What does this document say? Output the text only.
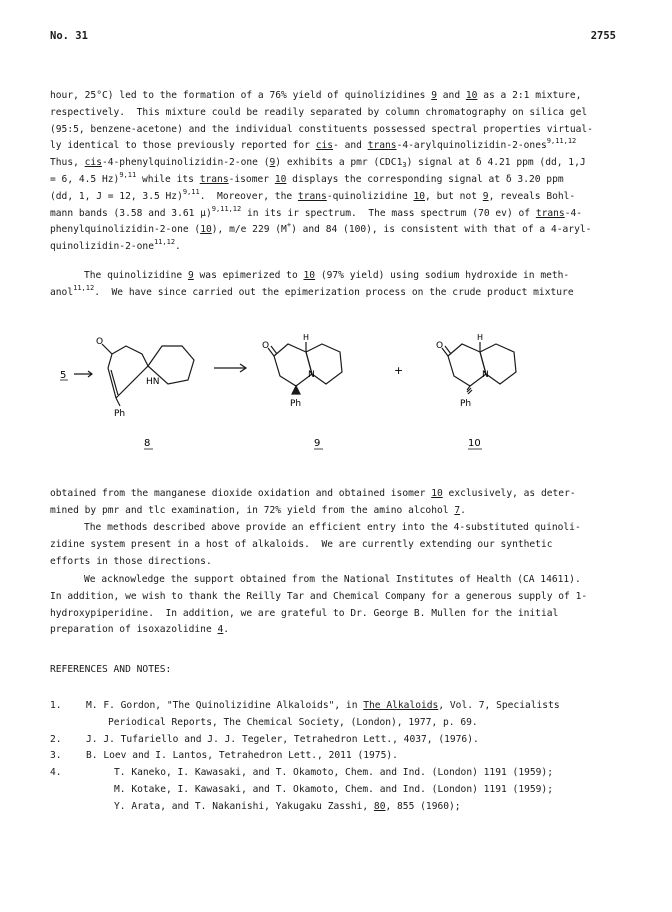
No. 31	2755
hour, 25°C) led to the formation of a 76% yield of quinolizidines 9 and 10 as a 2:1 mixture,
respectively.  This mixture could be readily separated by column chromatography on silica gel
(95:5, benzene-acetone) and the individual constituents possessed spectral properties virtual-
ly identical to those previously reported for cis- and trans-4-arylquinolizidin-2-ones$^{9,11,12}$
Thus, cis-4-phenylquinolizidin-2-one (9) exhibits a pmr $(CDC1_3)$ signal at δ 4.21 ppm (dd, 1,J
= 6, 4.5 Hz)$^{9,11}$ while its trans-isomer 10 displays the corresponding signal at δ 3.20 ppm
(dd, 1, J = 12, 3.5 Hz)$^{9,11}$.  Moreover, the trans-quinolizidine 10, but not 9, reveals Bohl-
mann bands (3.58 and 3.61 μ)$^{9,11,12}$ in its ir spectrum.  The mass spectrum (70 ev) of trans-4-
phenylquinolizidin-2-one (10), m/e 229 (M+) and 84 (100), is consistent with that of a 4-aryl-
quinolizidin-2-one$^{11,12}$.
The quinolizidine 9 was epimerized to 10 (97% yield) using sodium hydroxide in meth-
anol$^{11,12}$.  We have since carried out the epimerization process on the crude product mixture
5
O
HN
Ph
O
H
N
Ph
+
O
H
N
Ph
8	9	10
obtained from the manganese dioxide oxidation and obtained isomer 10 exclusively, as deter-
mined by pmr and tlc examination, in 72% yield from the amino alcohol 7.
The methods described above provide an efficient entry into the 4-substituted quinoli-
zidine system present in a host of alkaloids.  We are currently extending our synthetic
efforts in those directions.
We acknowledge the support obtained from the National Institutes of Health (CA 14611).
In addition, we wish to thank the Reilly Tar and Chemical Company for a generous supply of 1-
hydroxypiperidine.  In addition, we are grateful to Dr. George B. Mullen for the initial
preparation of isoxazolidine 4.
REFERENCES AND NOTES:
1.	M. F. Gordon, "The Quinolizidine Alkaloids", in The Alkaloids, Vol. 7, Specialists
Periodical Reports, The Chemical Society, (London), 1977, p. 69.
2.	J. J. Tufariello and J. J. Tegeler, Tetrahedron Lett., 4037, (1976).
3.	B. Loev and I. Lantos, Tetrahedron Lett., 2011 (1975).
4.	T. Kaneko, I. Kawasaki, and T. Okamoto, Chem. and Ind. (London) 1191 (1959);
M. Kotake, I. Kawasaki, and T. Okamoto, Chem. and Ind. (London) 1191 (1959);
Y. Arata, and T. Nakanishi, Yakugaku Zasshi, 80, 855 (1960);
